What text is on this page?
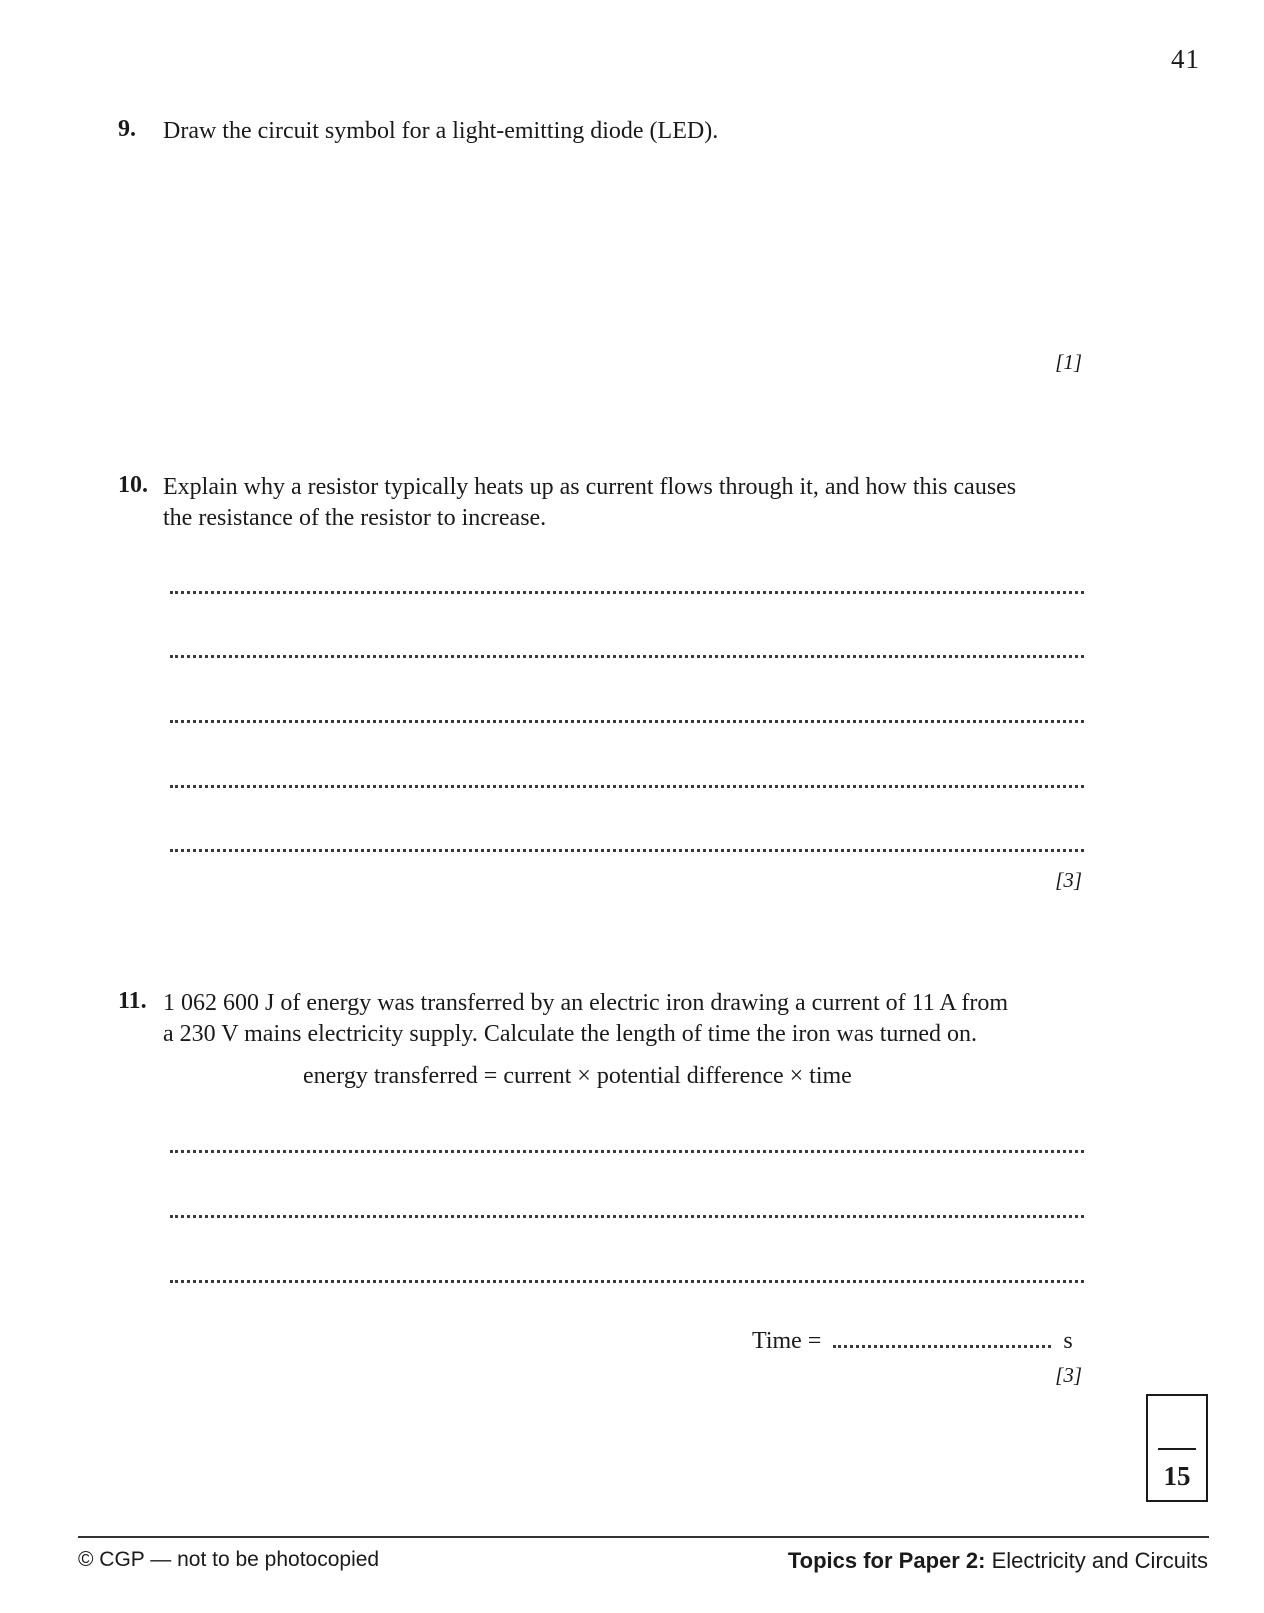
41
9. Draw the circuit symbol for a light-emitting diode (LED).
[1]
10. Explain why a resistor typically heats up as current flows through it, and how this causes
the resistance of the resistor to increase.
[3]
11. 1 062 600 J of energy was transferred by an electric iron drawing a current of 11 A from
a 230 V mains electricity supply. Calculate the length of time the iron was turned on.
energy transferred = current × potential difference × time
Time =	s
[3]
15
© CGP — not to be photocopied	Topics for Paper 2: Electricity and Circuits
